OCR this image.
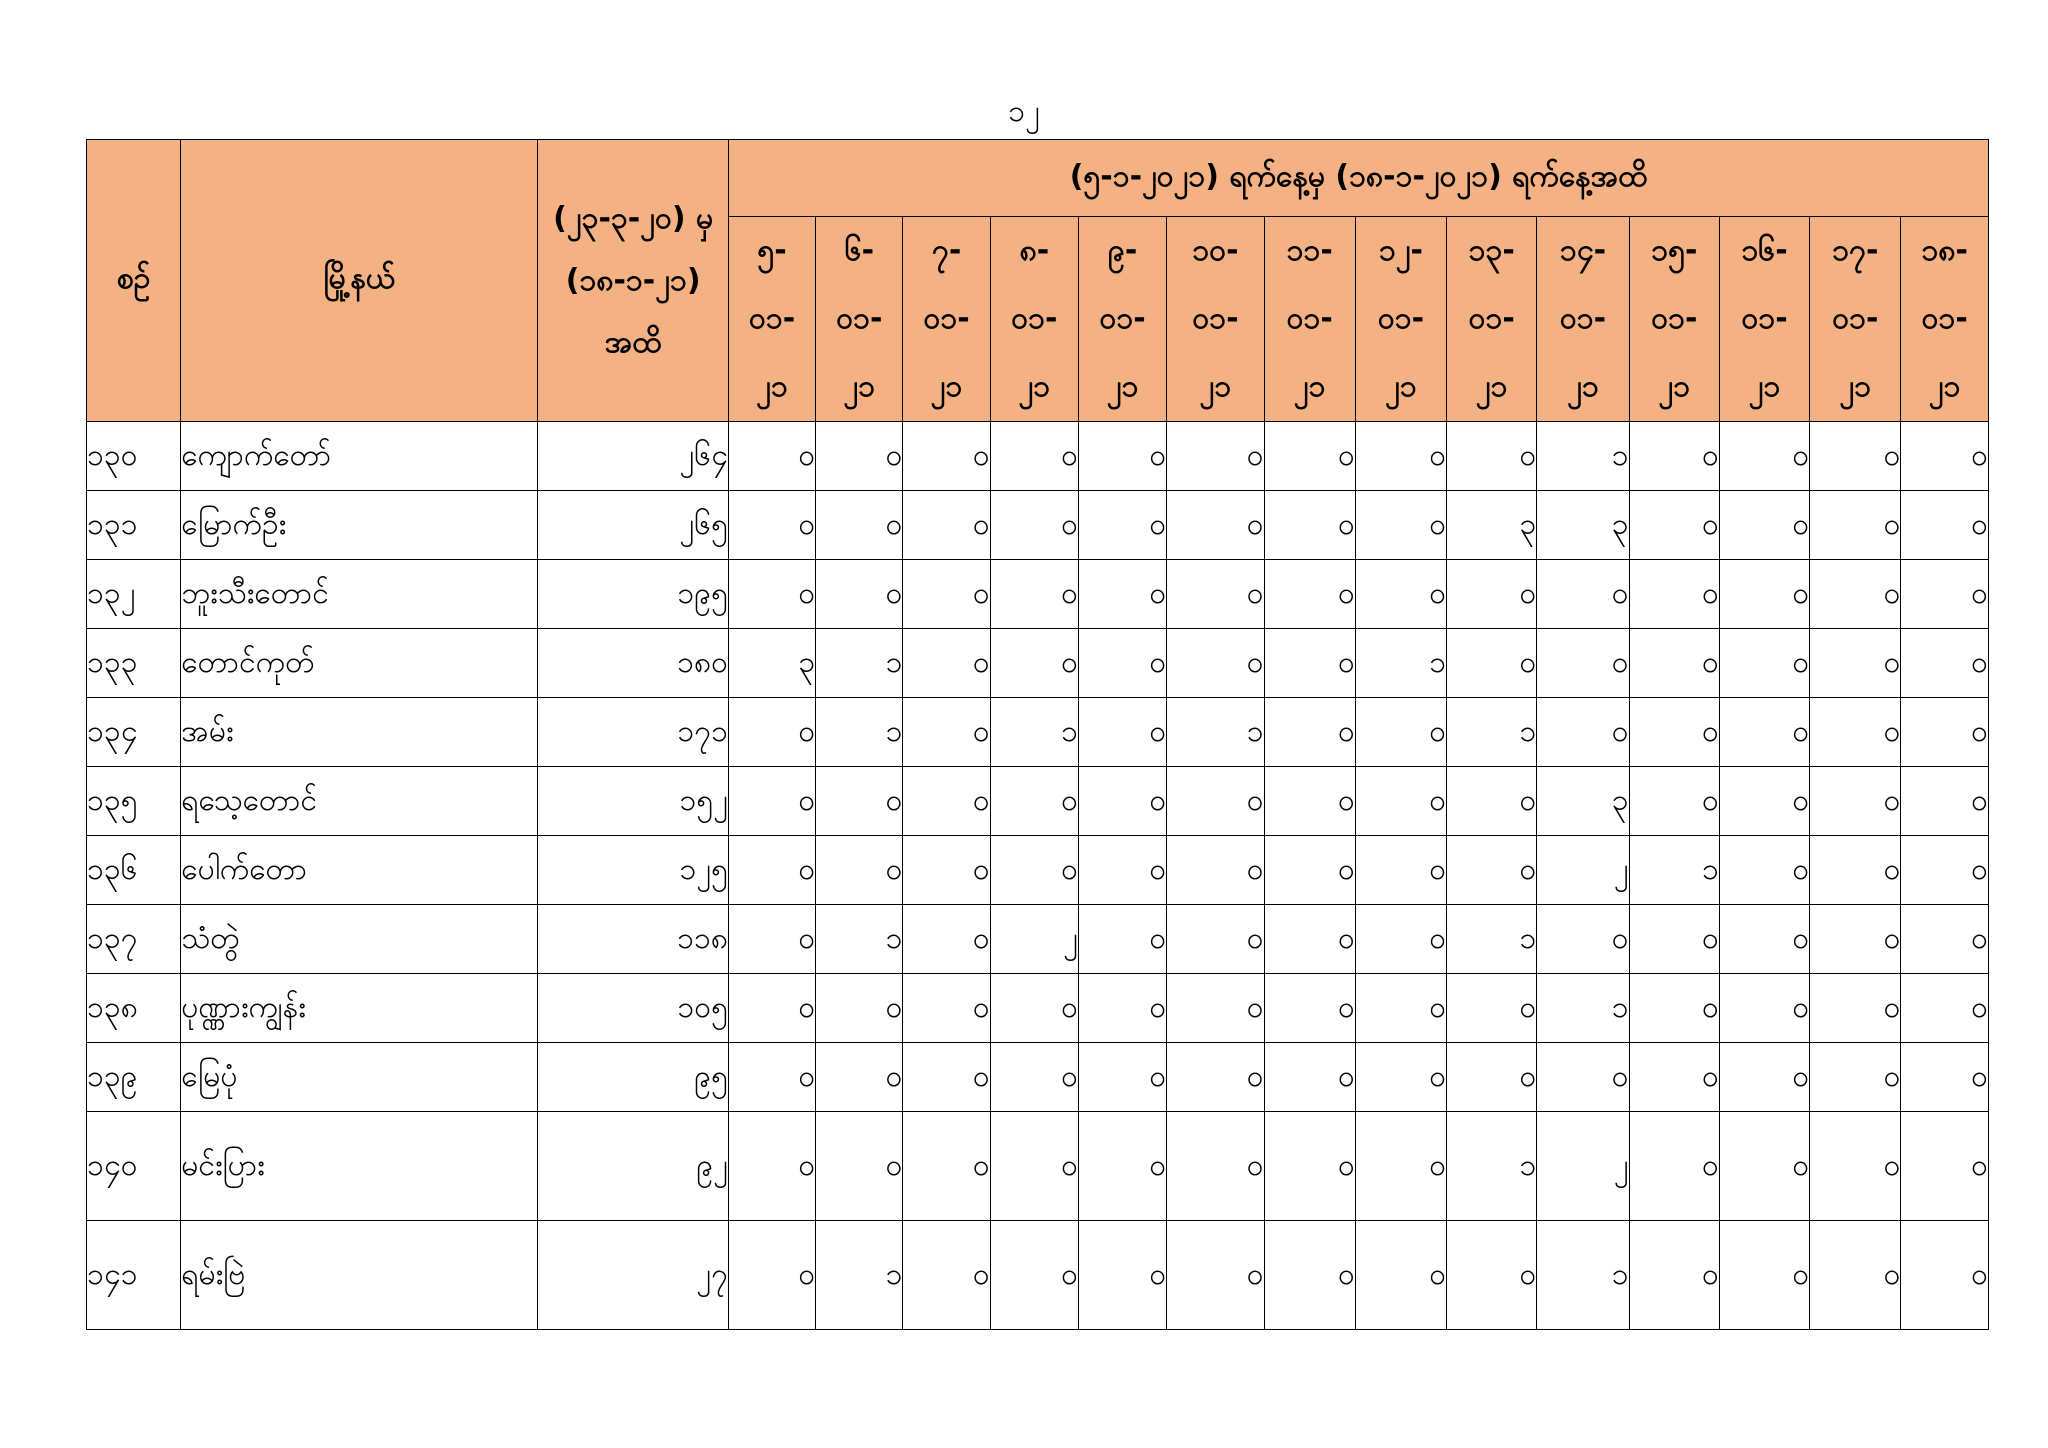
၁၂
စဉ်	မြို့နယ်	(၂၃-၃-၂၀) မှ
(၁၈-၁-၂၁)
အထိ	(၅-၁-၂၀၂၁) ရက်နေ့မှ (၁၈-၁-၂၀၂၁) ရက်နေ့အထိ													

			၅-
၀၁-
၂၁	၆-
၀၁-
၂၁	၇-
၀၁-
၂၁	၈-
၀၁-
၂၁	၉-
၀၁-
၂၁	၁၀-
၀၁-
၂၁	၁၁-
၀၁-
၂၁	၁၂-
၀၁-
၂၁	၁၃-
၀၁-
၂၁	၁၄-
၀၁-
၂၁	၁၅-
၀၁-
၂၁	၁၆-
၀၁-
၂၁	၁၇-
၀၁-
၂၁	၁၈-
၀၁-
၂၁

၁၃၀	ကျောက်တော်	၂၆၄	၀	၀	၀	၀	၀	၀	၀	၀	၀	၁	၀	၀	၀	၀
၁၃၁	မြောက်ဦး	၂၆၅	၀	၀	၀	၀	၀	၀	၀	၀	၃	၃	၀	၀	၀	၀
၁၃၂	ဘူးသီးတောင်	၁၉၅	၀	၀	၀	၀	၀	၀	၀	၀	၀	၀	၀	၀	၀	၀
၁၃၃	တောင်ကုတ်	၁၈၀	၃	၁	၀	၀	၀	၀	၀	၁	၀	၀	၀	၀	၀	၀
၁၃၄	အမ်း	၁၇၁	၀	၁	၀	၁	၀	၁	၀	၀	၁	၀	၀	၀	၀	၀
၁၃၅	ရသေ့တောင်	၁၅၂	၀	၀	၀	၀	၀	၀	၀	၀	၀	၃	၀	၀	၀	၀
၁၃၆	ပေါက်တော	၁၂၅	၀	၀	၀	၀	၀	၀	၀	၀	၀	၂	၁	၀	၀	၀
၁၃၇	သံတွဲ	၁၁၈	၀	၁	၀	၂	၀	၀	၀	၀	၁	၀	၀	၀	၀	၀
၁၃၈	ပုဏ္ဏားကျွန်း	၁၀၅	၀	၀	၀	၀	၀	၀	၀	၀	၀	၁	၀	၀	၀	၀
၁၃၉	မြေပုံ	၉၅	၀	၀	၀	၀	၀	၀	၀	၀	၀	၀	၀	၀	၀	၀
၁၄၀	မင်းပြား	၉၂	၀	၀	၀	၀	၀	၀	၀	၀	၁	၂	၀	၀	၀	၀
၁၄၁	ရမ်းဗြဲ	၂၇	၀	၁	၀	၀	၀	၀	၀	၀	၀	၁	၀	၀	၀	၀
